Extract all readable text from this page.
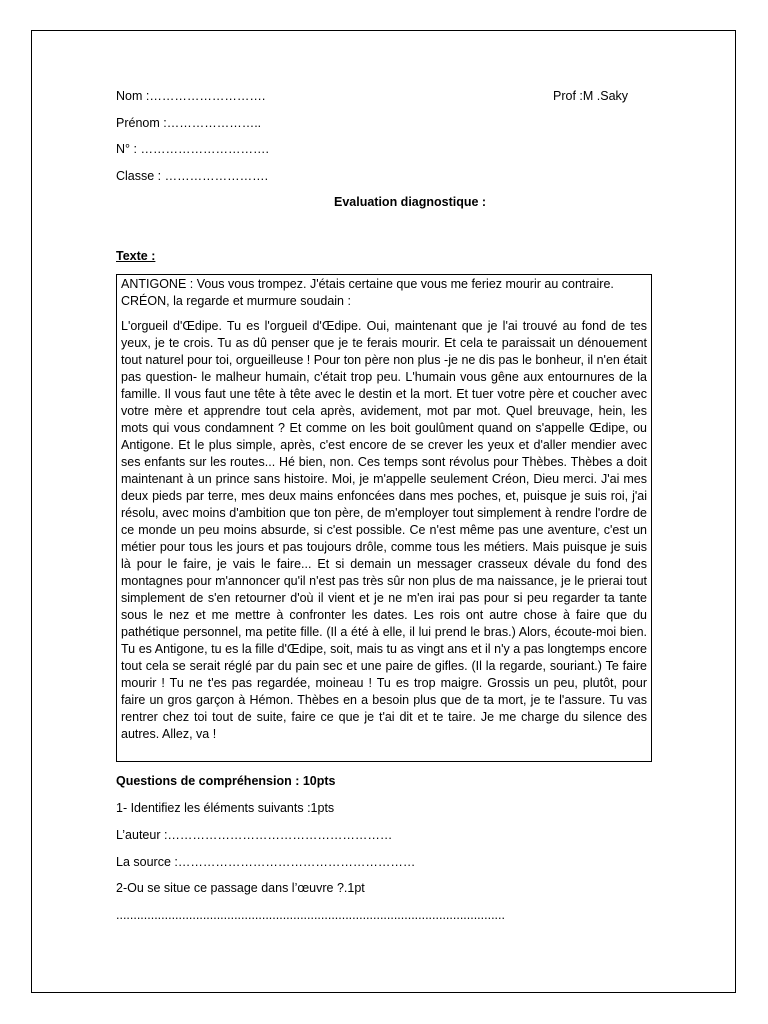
Nom :……………………….	Prof :M .Saky
Prénom :…………………..
N° : ………………………….
Classe : …………………….
Evaluation diagnostique :
Texte :

ANTIGONE : Vous vous trompez. J'étais certaine que vous me feriez mourir au contraire.
CRÉON, la regarde et murmure soudain :

L'orgueil d'Œdipe. Tu es l'orgueil d'Œdipe. Oui, maintenant que je l'ai trouvé au fond de tes yeux, je te crois. Tu as dû penser que je te ferais mourir. Et cela te paraissait un dénouement tout naturel pour toi, orgueilleuse ! Pour ton père non plus -je ne dis pas le bonheur, il n'en était pas question- le malheur humain, c'était trop peu. L'humain vous gêne aux entournures de la famille. Il vous faut une tête à tête avec le destin et la mort. Et tuer votre père et coucher avec votre mère et apprendre tout cela après, avidement, mot par mot. Quel breuvage, hein, les mots qui vous condamnent ? Et comme on les boit goulûment quand on s'appelle Œdipe, ou Antigone. Et le plus simple, après, c'est encore de se crever les yeux et d'aller mendier avec ses enfants sur les routes... Hé bien, non. Ces temps sont révolus pour Thèbes. Thèbes a doit maintenant à un prince sans histoire. Moi, je m'appelle seulement Créon, Dieu merci. J'ai mes deux pieds par terre, mes deux mains enfoncées dans mes poches, et, puisque je suis roi, j'ai résolu, avec moins d'ambition que ton père, de m'employer tout simplement à rendre l'ordre de ce monde un peu moins absurde, si c'est possible. Ce n'est même pas une aventure, c'est un métier pour tous les jours et pas toujours drôle, comme tous les métiers. Mais puisque je suis là pour le faire, je vais le faire... Et si demain un messager crasseux dévale du fond des montagnes pour m'annoncer qu'il n'est pas très sûr non plus de ma naissance, je le prierai tout simplement de s'en retourner d'où il vient et je ne m'en irai pas pour si peu regarder ta tante sous le nez et me mettre à confronter les dates. Les rois ont autre chose à faire que du pathétique personnel, ma petite fille. (Il a été à elle, il lui prend le bras.) Alors, écoute-moi bien. Tu es Antigone, tu es la fille d'Œdipe, soit, mais tu as vingt ans et il n'y a pas longtemps encore tout cela se serait réglé par du pain sec et une paire de gifles. (Il la regarde, souriant.) Te faire mourir ! Tu ne t'es pas regardée, moineau ! Tu es trop maigre. Grossis un peu, plutôt, pour faire un gros garçon à Hémon. Thèbes en a besoin plus que de ta mort, je te l'assure. Tu vas rentrer chez toi tout de suite, faire ce que je t'ai dit et te taire. Je me charge du silence des autres. Allez, va !

Questions de compréhension : 10pts
1- Identifiez les éléments suivants :1pts
L’auteur :………………………………………………
La source :…………………………………………………
2-Ou se situe ce passage dans l’œuvre ?.1pt
................................................................................................................
